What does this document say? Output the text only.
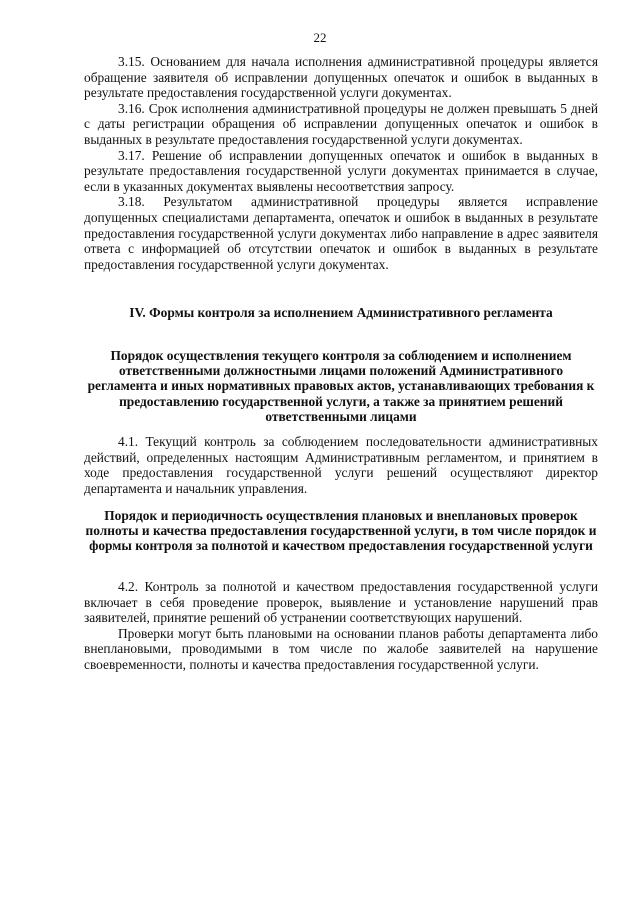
22

3.15. Основанием для начала исполнения административной процедуры является обращение заявителя об исправлении допущенных опечаток и ошибок в выданных в результате предоставления государственной услуги документах.

3.16. Срок исполнения административной процедуры не должен превышать 5 дней с даты регистрации обращения об исправлении допущенных опечаток и ошибок в выданных в результате предоставления государственной услуги документах.

3.17. Решение об исправлении допущенных опечаток и ошибок в выданных в результате предоставления государственной услуги документах принимается в случае, если в указанных документах выявлены несоответствия запросу.

3.18. Результатом административной процедуры является исправление допущенных специалистами департамента, опечаток и ошибок в выданных в результате предоставления государственной услуги документах либо направление в адрес заявителя ответа с информацией об отсутствии опечаток и ошибок в выданных в результате предоставления государственной услуги документах.

IV. Формы контроля за исполнением Административного регламента

Порядок осуществления текущего контроля за соблюдением и исполнением ответственными должностными лицами положений Административного регламента и иных нормативных правовых актов, устанавливающих требования к предоставлению государственной услуги, а также за принятием решений ответственными лицами

4.1. Текущий контроль за соблюдением последовательности административных действий, определенных настоящим Административным регламентом, и принятием в ходе предоставления государственной услуги решений осуществляют директор департамента и начальник управления.

Порядок и периодичность осуществления плановых и внеплановых проверок полноты и качества предоставления государственной услуги, в том числе порядок и формы контроля за полнотой и качеством предоставления государственной услуги

4.2. Контроль за полнотой и качеством предоставления государственной услуги включает в себя проведение проверок, выявление и установление нарушений прав заявителей, принятие решений об устранении соответствующих нарушений.

Проверки могут быть плановыми на основании планов работы департамента либо внеплановыми, проводимыми в том числе по жалобе заявителей на нарушение своевременности, полноты и качества предоставления государственной услуги.
